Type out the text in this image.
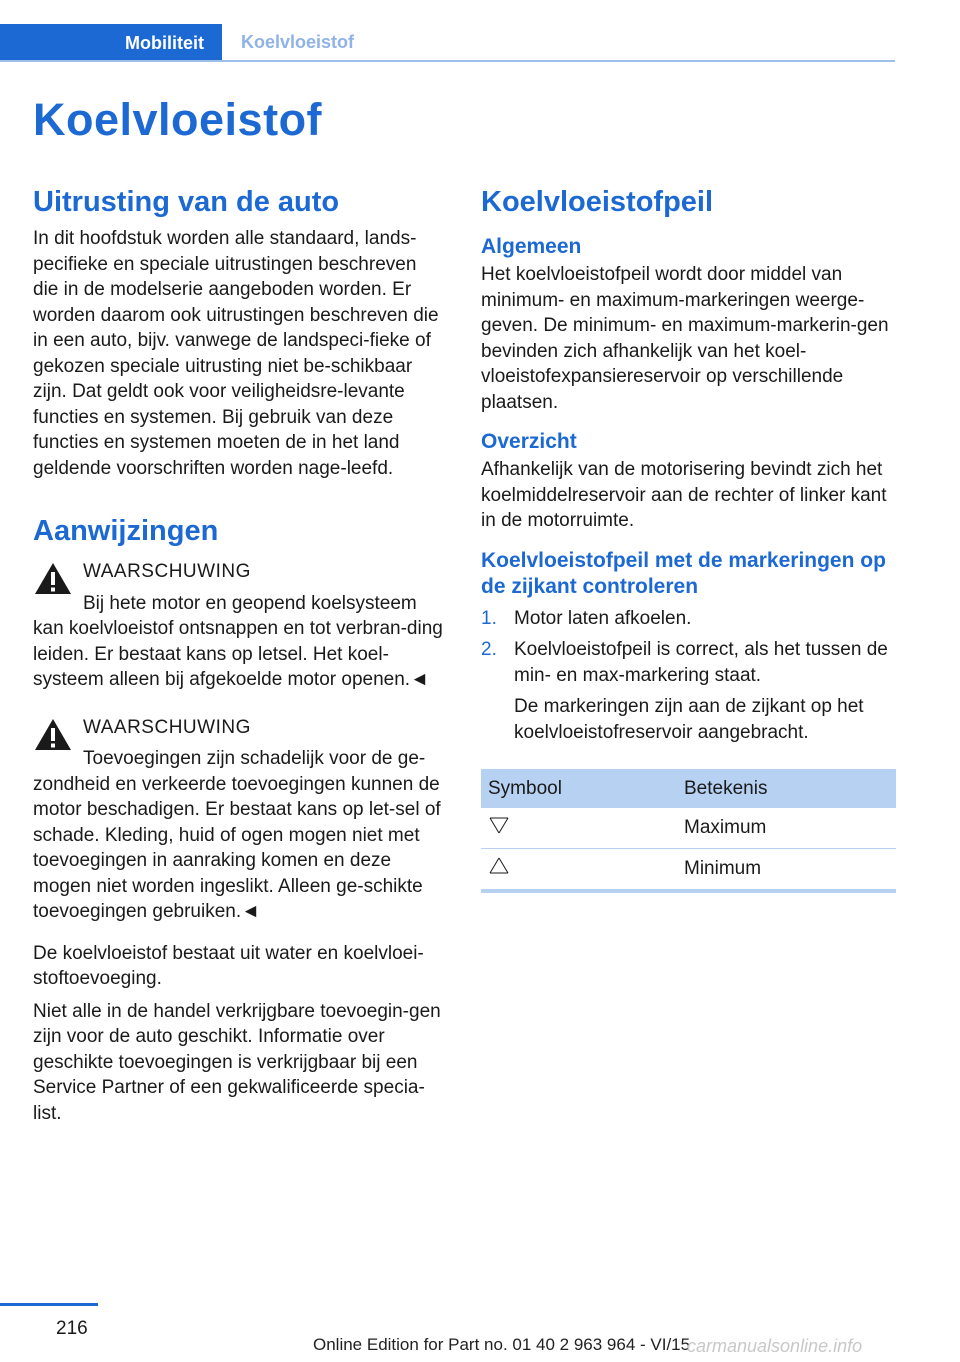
Mobiliteit Koelvloeistof
Koelvloeistof
Uitrusting van de auto

In dit hoofdstuk worden alle standaard, lands-pecifieke en speciale uitrustingen beschreven die in de modelserie aangeboden worden. Er worden daarom ook uitrustingen beschreven die in een auto, bijv. vanwege de landspeci-fieke of gekozen speciale uitrusting niet be-schikbaar zijn. Dat geldt ook voor veiligheidsre-levante functies en systemen. Bij gebruik van deze functies en systemen moeten de in het land geldende voorschriften worden nage-leefd.

Aanwijzingen
WAARSCHUWING

Bij hete motor en geopend koelsysteem kan koelvloeistof ontsnappen en tot verbran-ding leiden. Er bestaat kans op letsel. Het koel-systeem alleen bij afgekoelde motor openen.◄

WAARSCHUWING

Toevoegingen zijn schadelijk voor de ge-zondheid en verkeerde toevoegingen kunnen de motor beschadigen. Er bestaat kans op let-sel of schade. Kleding, huid of ogen mogen niet met toevoegingen in aanraking komen en deze mogen niet worden ingeslikt. Alleen ge-schikte toevoegingen gebruiken.◄

De koelvloeistof bestaat uit water en koelvloei-stoftoevoeging.

Niet alle in de handel verkrijgbare toevoegin-gen zijn voor de auto geschikt. Informatie over geschikte toevoegingen is verkrijgbaar bij een Service Partner of een gekwalificeerde specia-list.

Koelvloeistofpeil
Algemeen

Het koelvloeistofpeil wordt door middel van minimum- en maximum-markeringen weerge-geven. De minimum- en maximum-markerin-gen bevinden zich afhankelijk van het koel-vloeistofexpansiereservoir op verschillende plaatsen.

Overzicht

Afhankelijk van de motorisering bevindt zich het koelmiddelreservoir aan de rechter of linker kant in de motorruimte.

Koelvloeistofpeil met de markeringen op de zijkant controleren
1. Motor laten afkoelen.
2. Koelvloeistofpeil is correct, als het tussen de min- en max-markering staat.

De markeringen zijn aan de zijkant op het koelvloeistofreservoir aangebracht.

Symbool	Betekenis
	Maximum
	Minimum
216
Online Edition for Part no. 01 40 2 963 964 - VI/15
carmanualsonline.info
